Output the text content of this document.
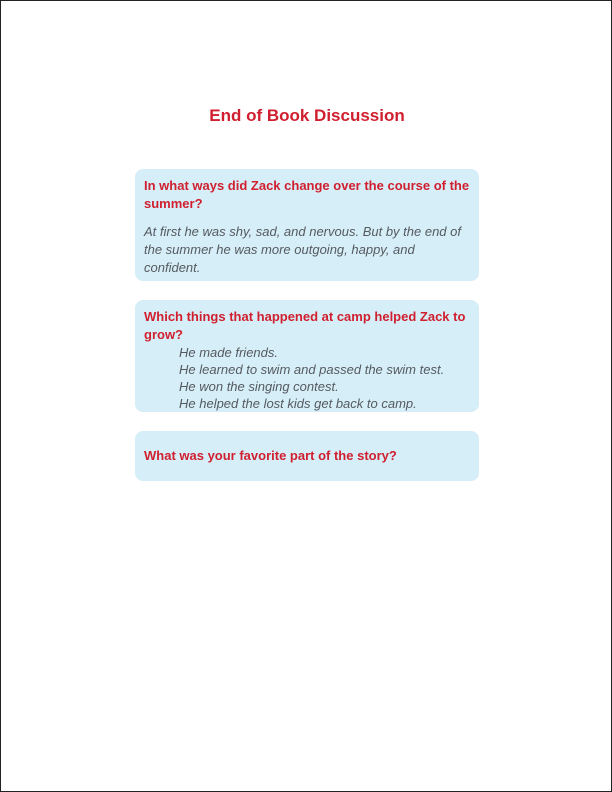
End of Book Discussion

In what ways did Zack change over the course of the summer?

At first he was shy, sad, and nervous. But by the end of the summer he was more outgoing, happy, and confident.

Which things that happened at camp helped Zack to grow?

He made friends.
He learned to swim and passed the swim test.
He won the singing contest.
He helped the lost kids get back to camp.

What was your favorite part of the story?
